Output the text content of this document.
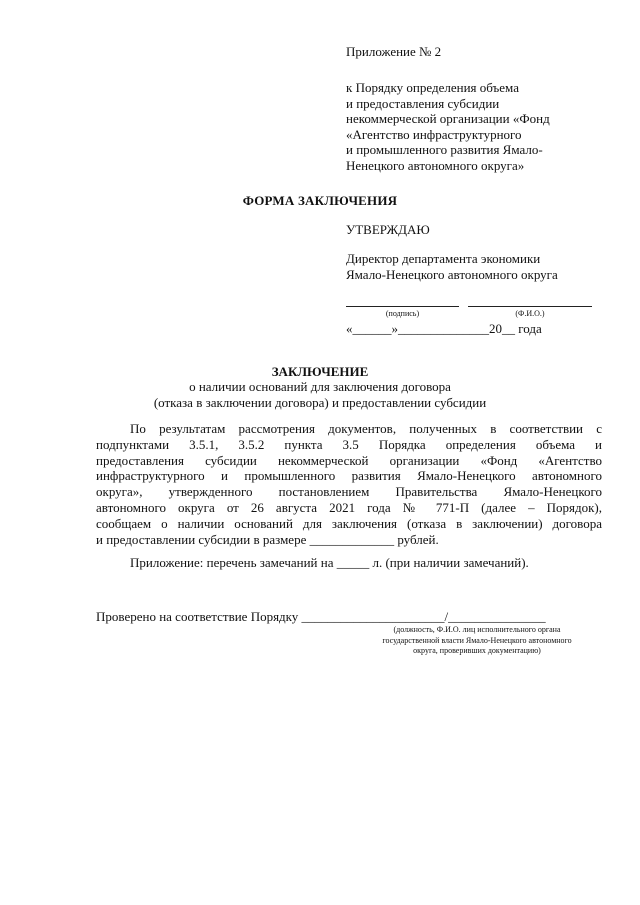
Приложение № 2
к Порядку определения объема
и предоставления субсидии
некоммерческой организации «Фонд
«Агентство инфраструктурного
и промышленного развития Ямало-
Ненецкого автономного округа»
ФОРМА ЗАКЛЮЧЕНИЯ
УТВЕРЖДАЮ
Директор департамента экономики
Ямало-Ненецкого автономного округа
(подпись)	(Ф.И.О.)
«______»______________20__ года
ЗАКЛЮЧЕНИЕ
о наличии оснований для заключения договора
(отказа в заключении договора) и предоставлении субсидии
По результатам рассмотрения документов, полученных в соответствии с
подпунктами 3.5.1, 3.5.2 пункта 3.5 Порядка определения объема и
предоставления субсидии некоммерческой организации «Фонд «Агентство
инфраструктурного и промышленного развития Ямало-Ненецкого автономного
округа», утвержденного постановлением Правительства Ямало-Ненецкого
автономного округа от 26 августа 2021 года № 771-П (далее – Порядок),
сообщаем о наличии оснований для заключения (отказа в заключении) договора
и предоставлении субсидии в размере _____________ рублей.
Приложение: перечень замечаний на _____ л. (при наличии замечаний).
Проверено на соответствие Порядку ______________________/_______________
(должность, Ф.И.О. лиц исполнительного органа
государственной власти Ямало-Ненецкого автономного
округа, проверивших документацию)
